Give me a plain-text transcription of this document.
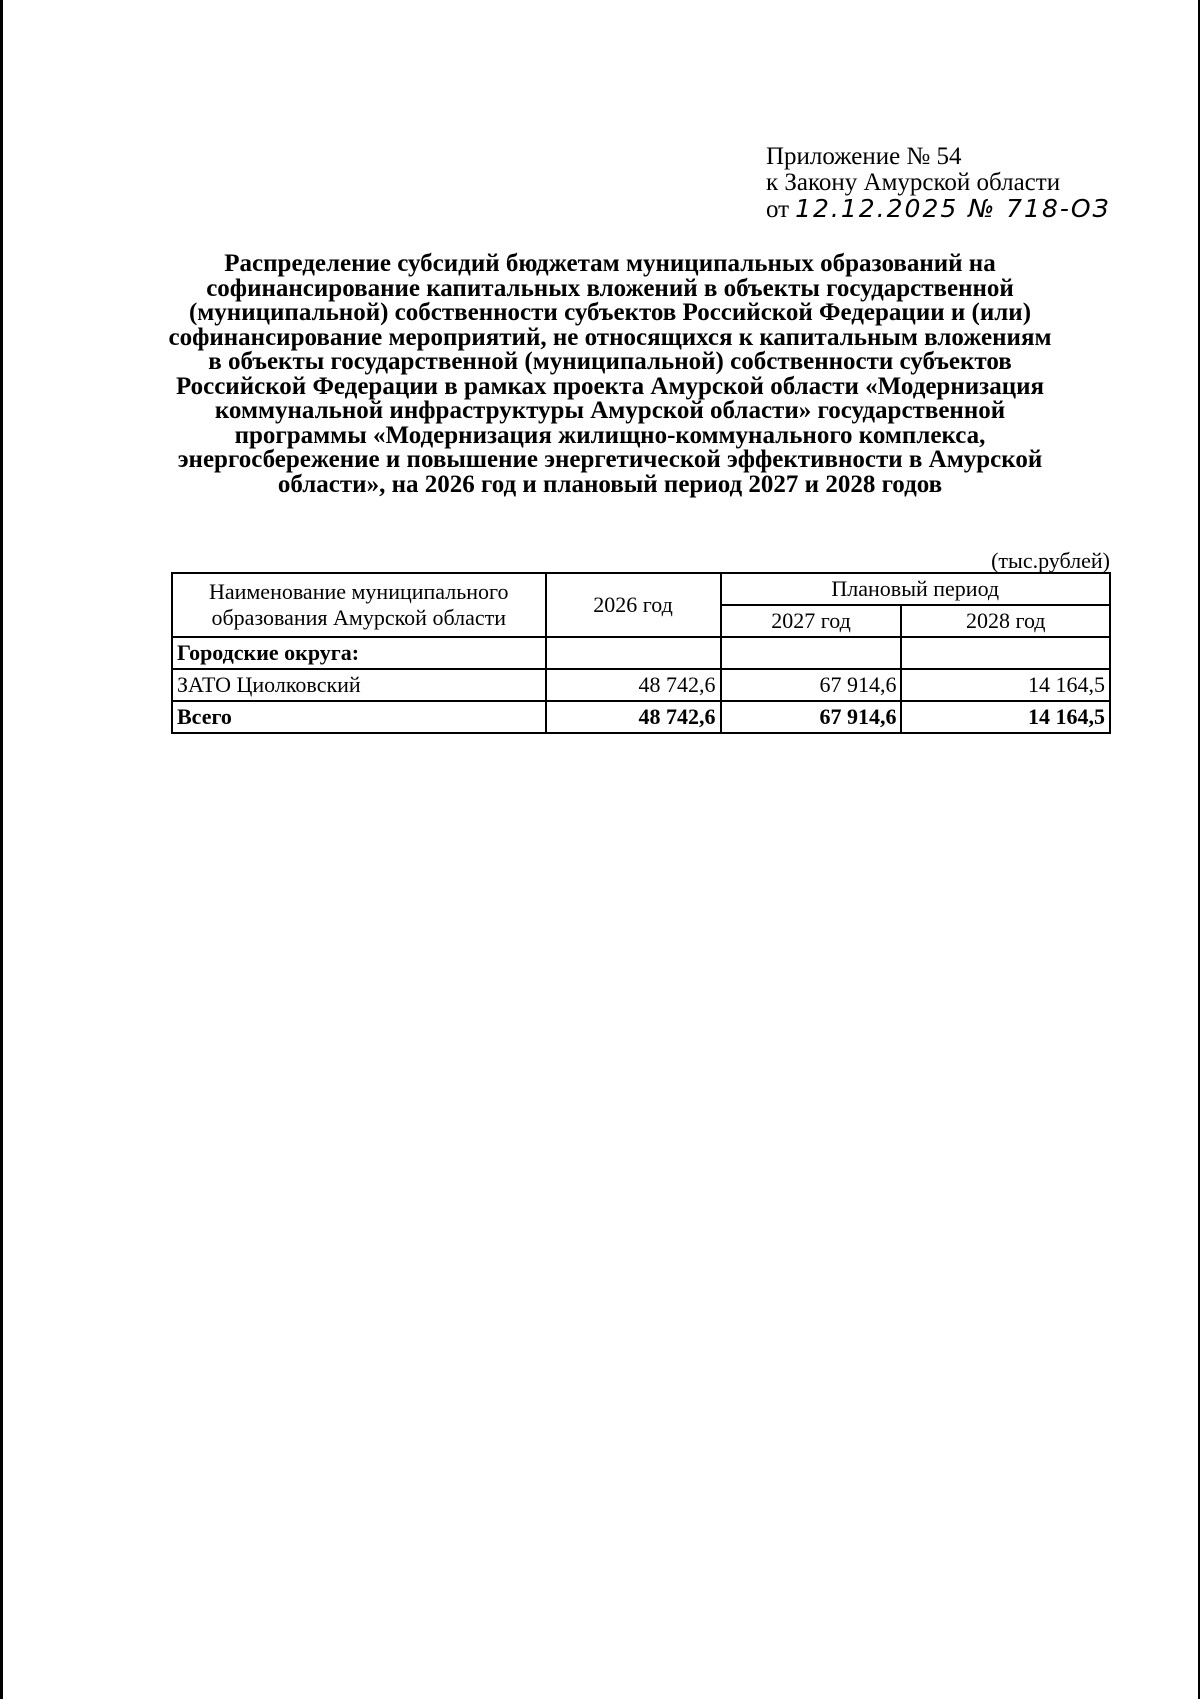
Приложение № 54
к Закону Амурской области
от 12.12.2025 № 718-ОЗ
Распределение субсидий бюджетам муниципальных образований на софинансирование капитальных вложений в объекты государственной (муниципальной) собственности субъектов Российской Федерации и (или) софинансирование мероприятий, не относящихся к капитальным вложениям в объекты государственной (муниципальной) собственности субъектов Российской Федерации в рамках проекта Амурской области «Модернизация коммунальной инфраструктуры Амурской области» государственной программы «Модернизация жилищно-коммунального комплекса, энергосбережение и повышение энергетической эффективности в Амурской области», на 2026 год и плановый период 2027 и 2028 годов
(тыс.рублей)
Наименование муниципального образования Амурской области	2026 год	Плановый период	
		2027 год	2028 год
Городские округа:			
ЗАТО Циолковский	48 742,6	67 914,6	14 164,5
Всего	48 742,6	67 914,6	14 164,5
